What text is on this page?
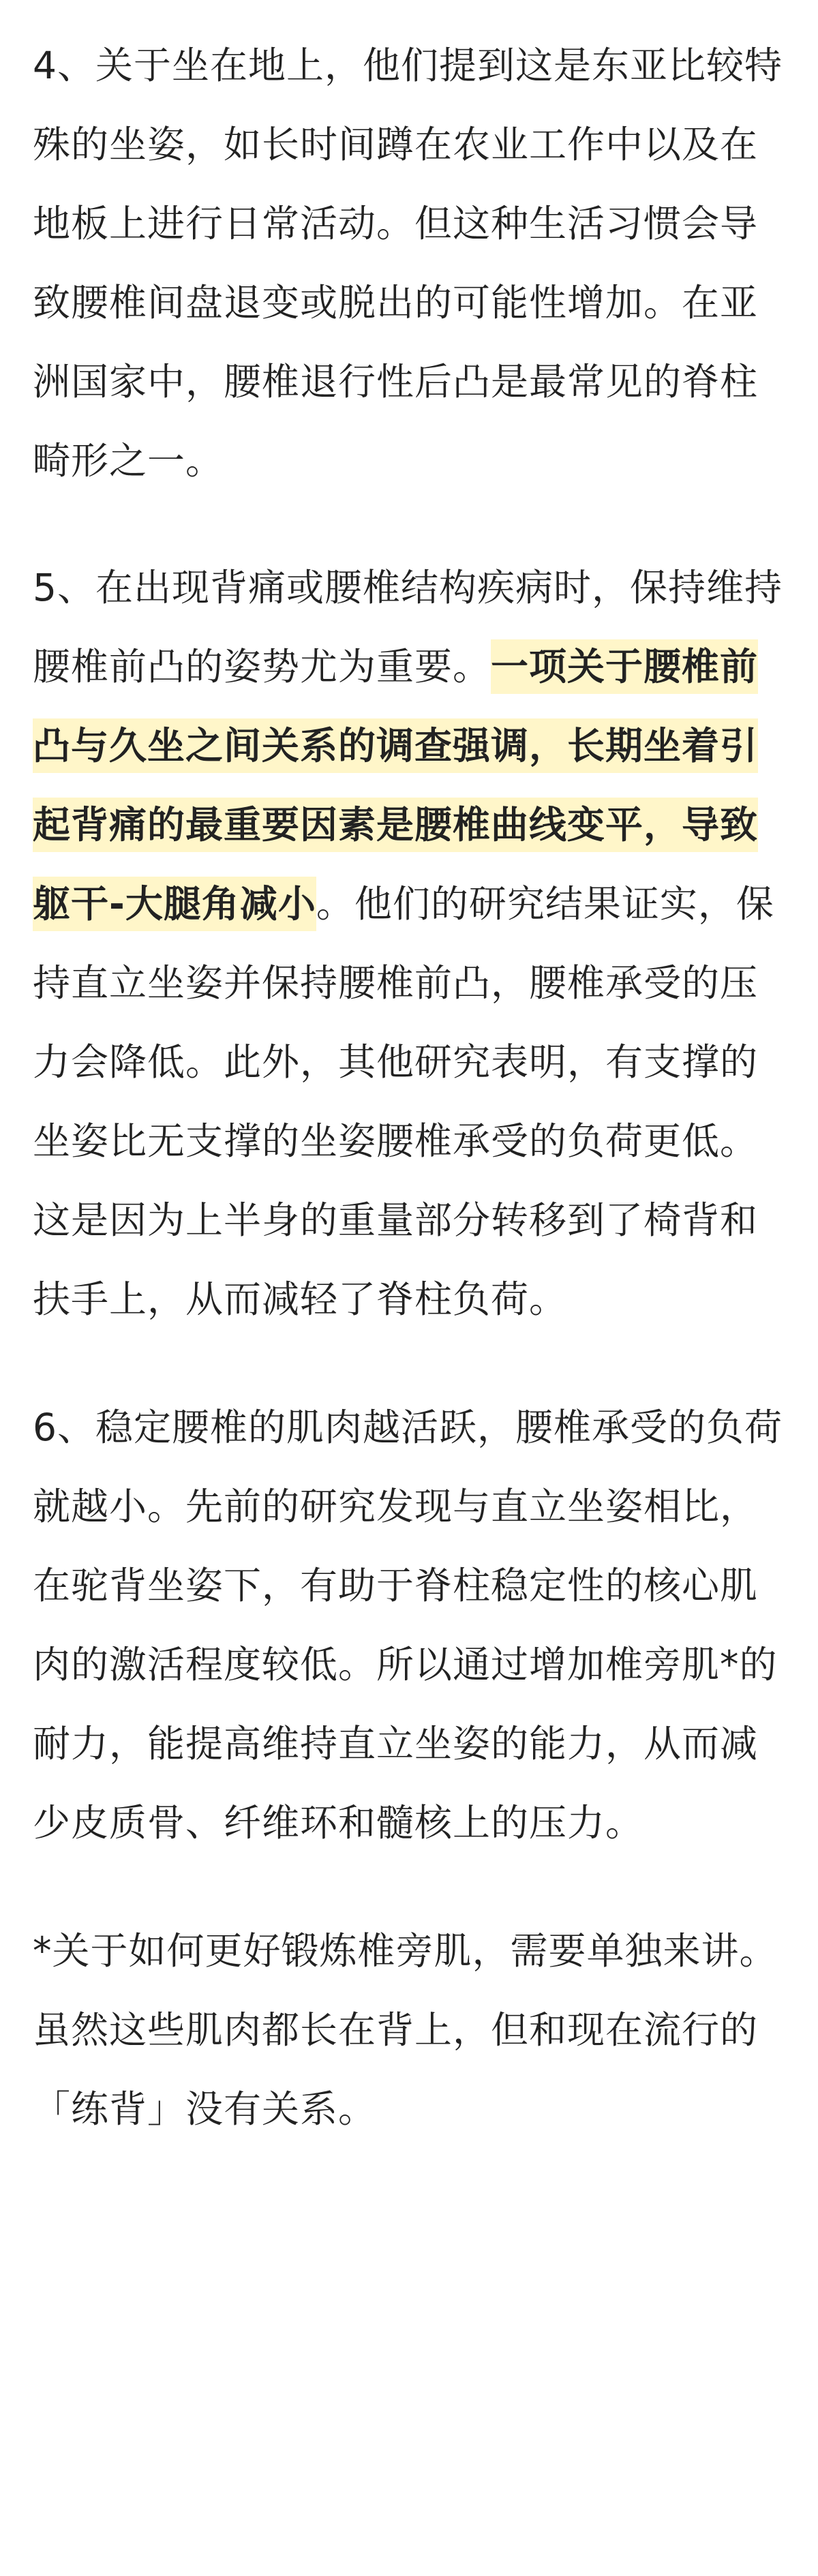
4、关于坐在地上，他们提到这是东亚比较特殊的坐姿，如长时间蹲在农业工作中以及在地板上进行日常活动。但这种生活习惯会导致腰椎间盘退变或脱出的可能性增加。在亚洲国家中，腰椎退行性后凸是最常见的脊柱畸形之一。

5、在出现背痛或腰椎结构疾病时，保持维持腰椎前凸的姿势尤为重要。一项关于腰椎前凸与久坐之间关系的调查强调，长期坐着引起背痛的最重要因素是腰椎曲线变平，导致躯干-大腿角减小。他们的研究结果证实，保持直立坐姿并保持腰椎前凸，腰椎承受的压力会降低。此外，其他研究表明，有支撑的坐姿比无支撑的坐姿腰椎承受的负荷更低。这是因为上半身的重量部分转移到了椅背和扶手上，从而减轻了脊柱负荷。

6、稳定腰椎的肌肉越活跃，腰椎承受的负荷就越小。先前的研究发现与直立坐姿相比，在驼背坐姿下，有助于脊柱稳定性的核心肌肉的激活程度较低。所以通过增加椎旁肌*的耐力，能提高维持直立坐姿的能力，从而减少皮质骨、纤维环和髓核上的压力。

*关于如何更好锻炼椎旁肌，需要单独来讲。虽然这些肌肉都长在背上，但和现在流行的「练背」没有关系。
